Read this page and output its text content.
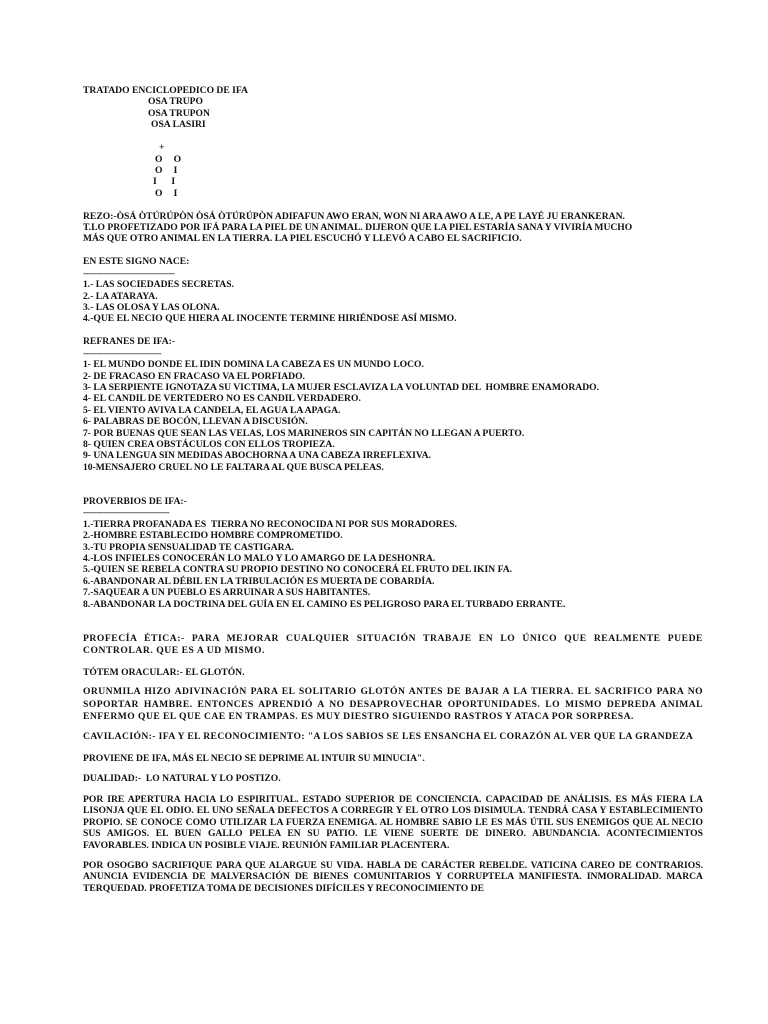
TRATADO ENCICLOPEDICO DE IFA
OSA TRUPO
OSA TRUPON
OSA LASIRI
+
O   O
O   I
I    I
O   I
REZO:-ÒSÁ ÒTÚRÚPÒN ÒSÁ ÒTÚRÚPÒN ADIFAFUN AWO ERAN, WON NI ARA AWO A LE, A PE LAYÉ JU ERANKERAN.
T.LO PROFETIZADO POR IFÁ PARA LA PIEL DE UN ANIMAL. DIJERON QUE LA PIEL ESTARÍA SANA Y VIVIRÍA MUCHO
MÁS QUE OTRO ANIMAL EN LA TIERRA. LA PIEL ESCUCHÓ Y LLEVÓ A CABO EL SACRIFICIO.
EN ESTE SIGNO NACE:
----------------------------------
1.- LAS SOCIEDADES SECRETAS.
2.- LA ATARAYA.
3.- LAS OLOSA Y LAS OLONA.
4.-QUE EL NECIO QUE HIERA AL INOCENTE TERMINE HIRIÉNDOSE ASÍ MISMO.
REFRANES DE IFA:-
-----------------------------
1- EL MUNDO DONDE EL IDIN DOMINA LA CABEZA ES UN MUNDO LOCO.
2- DE FRACASO EN FRACASO VA EL PORFIADO.
3- LA SERPIENTE IGNOTAZA SU VICTIMA, LA MUJER ESCLAVIZA LA VOLUNTAD DEL  HOMBRE ENAMORADO.
4- EL CANDIL DE VERTEDERO NO ES CANDIL VERDADERO.
5- EL VIENTO AVIVA LA CANDELA, EL AGUA LA APAGA.
6- PALABRAS DE BOCÓN, LLEVAN A DISCUSIÓN.
7- POR BUENAS QUE SEAN LAS VELAS, LOS MARINEROS SIN CAPITÁN NO LLEGAN A PUERTO.
8- QUIEN CREA OBSTÁCULOS CON ELLOS TROPIEZA.
9- UNA LENGUA SIN MEDIDAS ABOCHORNA A UNA CABEZA IRREFLEXIVA.
10-MENSAJERO CRUEL NO LE FALTARA AL QUE BUSCA PELEAS.
PROVERBIOS DE IFA:-
--------------------------------
1.-TIERRA PROFANADA ES  TIERRA NO RECONOCIDA NI POR SUS MORADORES.
2.-HOMBRE ESTABLECIDO HOMBRE COMPROMETIDO.
3.-TU PROPIA SENSUALIDAD TE CASTIGARA.
4.-LOS INFIELES CONOCERÁN LO MALO Y LO AMARGO DE LA DESHONRA.
5.-QUIEN SE REBELA CONTRA SU PROPIO DESTINO NO CONOCERÁ EL FRUTO DEL IKIN FA.
6.-ABANDONAR AL DÉBIL EN LA TRIBULACIÓN ES MUERTA DE COBARDÍA.
7.-SAQUEAR A UN PUEBLO ES ARRUINAR A SUS HABITANTES.
8.-ABANDONAR LA DOCTRINA DEL GUÍA EN EL CAMINO ES PELIGROSO PARA EL TURBADO ERRANTE.

PROFECÍA ÉTICA:- PARA MEJORAR CUALQUIER SITUACIÓN TRABAJE EN LO ÚNICO QUE REALMENTE PUEDE CONTROLAR. QUE ES A UD MISMO.

TÓTEM ORACULAR:- EL GLOTÓN.

ORUNMILA HIZO ADIVINACIÓN PARA EL SOLITARIO GLOTÓN ANTES DE BAJAR A LA TIERRA. EL SACRIFICO PARA NO SOPORTAR HAMBRE. ENTONCES APRENDIÓ A NO DESAPROVECHAR OPORTUNIDADES. LO MISMO DEPREDA ANIMAL ENFERMO QUE EL QUE CAE EN TRAMPAS. ES MUY DIESTRO SIGUIENDO RASTROS Y ATACA POR SORPRESA.

CAVILACIÓN:- IFA Y EL RECONOCIMIENTO: "A LOS SABIOS SE LES ENSANCHA EL CORAZÓN AL VER QUE LA GRANDEZA

PROVIENE DE IFA, MÁS EL NECIO SE DEPRIME AL INTUIR SU MINUCIA".
DUALIDAD:-  LO NATURAL Y LO POSTIZO.

POR IRE APERTURA HACIA LO ESPIRITUAL. ESTADO SUPERIOR DE CONCIENCIA. CAPACIDAD DE ANÁLISIS. ES MÁS FIERA LA LISONJA QUE EL ODIO. EL UNO SEÑALA DEFECTOS A CORREGIR Y EL OTRO LOS DISIMULA. TENDRÁ CASA Y ESTABLECIMIENTO PROPIO. SE CONOCE COMO UTILIZAR LA FUERZA ENEMIGA. AL HOMBRE SABIO LE ES MÁS ÚTIL SUS ENEMIGOS QUE AL NECIO SUS AMIGOS. EL BUEN GALLO PELEA EN SU PATIO. LE VIENE SUERTE DE DINERO. ABUNDANCIA. ACONTECIMIENTOS FAVORABLES. INDICA UN POSIBLE VIAJE. REUNIÓN FAMILIAR PLACENTERA.

POR OSOGBO SACRIFIQUE PARA QUE ALARGUE SU VIDA. HABLA DE CARÁCTER REBELDE. VATICINA CAREO DE CONTRARIOS. ANUNCIA EVIDENCIA DE MALVERSACIÓN DE BIENES COMUNITARIOS Y CORRUPTELA MANIFIESTA. INMORALIDAD. MARCA TERQUEDAD. PROFETIZA TOMA DE DECISIONES DIFÍCILES Y RECONOCIMIENTO DE
